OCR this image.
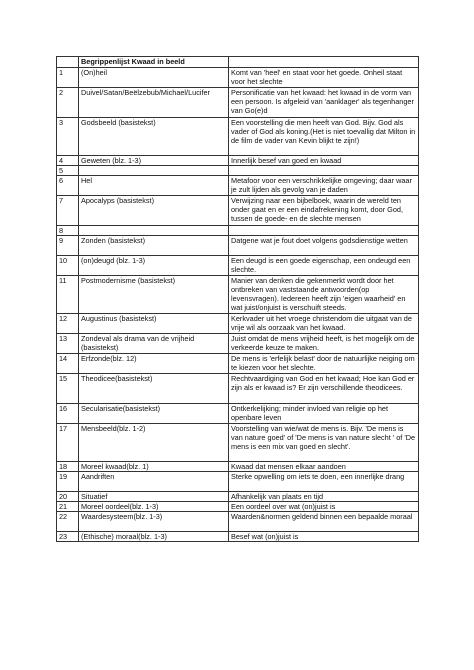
	Begrippenlijst Kwaad in beeld	
1	(On)heil	Komt van 'heel' en staat voor het goede. Onheil staat voor het slechte
2	Duivel/Satan/Beëlzebub/Michael/Lucifer	Personificatie van het kwaad: het kwaad in de vorm van een persoon. Is afgeleid van 'aanklager' als tegenhanger van Go(e)d
3	Godsbeeld (basistekst)	Een voorstelling die men heeft van God. Bijv. God als vader of God als koning.(Het is niet toevallig dat Milton in de film de vader van Kevin blijkt te zijn!)
4	Geweten (blz. 1-3)	Innerlijk besef van goed en kwaad
5		
6	Hel	Metafoor voor een verschrikkelijke omgeving; daar waar je zult lijden als gevolg van je daden
7	Apocalyps (basistekst)	Verwijzing naar een bijbelboek, waarin de wereld ten onder gaat en er een eindafrekening komt, door God, tussen de goede- en de slechte mensen
8		
9	Zonden (basistekst)	Datgene wat je fout doet volgens godsdienstige wetten
10	(on)deugd (blz. 1-3)	Een deugd is een goede eigenschap, een ondeugd een slechte.
11	Postmodernisme (basistekst)	Manier van denken die gekenmerkt wordt door het ontbreken van vaststaande antwoorden(op levensvragen). Iedereen heeft zijn 'eigen waarheid' en wat juist/onjuist is verschuift steeds.
12	Augustinus (basistekst)	Kerkvader uit het vroege christendom die uitgaat van de vrije wil als oorzaak van het kwaad.
13	Zondeval als drama van de vrijheid (basistekst)	Juist omdat de mens vrijheid heeft, is het mogelijk om de verkeerde keuze te maken.
14	Erfzonde(blz. 12)	De mens is 'erfelijk belast' door de natuurlijke neiging om te kiezen voor het slechte.
15	Theodicee(basistekst)	Rechtvaardiging van God en het kwaad; Hoe kan God er zijn als er kwaad is? Er zijn verschillende theodicees.
16	Secularisatie(basistekst)	Ontkerkelijking; minder invloed van religie op het openbare leven
17	Mensbeeld(blz. 1-2)	Voorstelling van wie/wat de mens is. Bijv. 'De mens is van nature goed' of 'De mens is van nature slecht ' of 'De mens is een mix van goed en slecht'.
18	Moreel kwaad(blz. 1)	Kwaad dat mensen elkaar aandoen
19	Aandriften	Sterke opwelling om iets te doen, een innerlijke drang
20	Situatief	Afhankelijk van plaats en tijd
21	Moreel oordeel(blz. 1-3)	Een oordeel over wat (on)juist is
22	Waardesysteem(blz. 1-3)	Waarden&normen geldend binnen een bepaalde moraal
23	(Ethische) moraal(blz. 1-3)	Besef wat (on)juist is
